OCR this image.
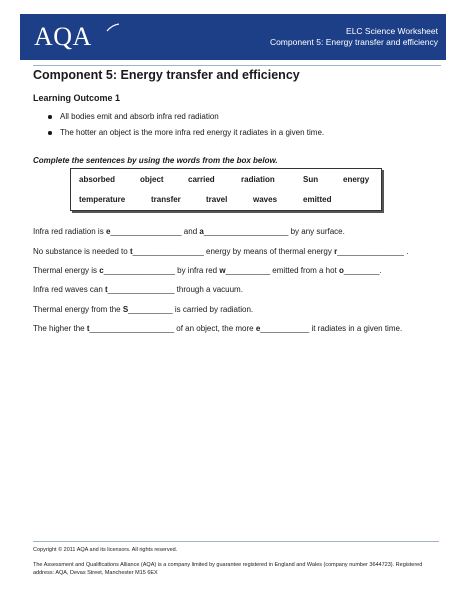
AQA	ELC Science Worksheet
Component 5: Energy transfer and efficiency
Component 5: Energy transfer and efficiency
Learning Outcome 1
All bodies emit and absorb infra red radiation
The hotter an object is the more infra red energy it radiates in a given time.
Complete the sentences by using the words from the box below.
absorbed	object	carried	radiation	Sun	energy
temperature	transfer	travel	waves	emitted
Infra red radiation is e________________ and a___________________ by any surface.
No substance is needed to t________________ energy by means of thermal energy r_______________ .
Thermal energy is c________________ by infra red w__________ emitted from a hot o________.
Infra red waves can t_______________ through a vacuum.
Thermal energy from the S__________ is carried by radiation.
The higher the t___________________ of an object, the more e___________ it radiates in a given time.
Copyright © 2011 AQA and its licensors. All rights reserved.
The Assessment and Qualifications Alliance (AQA) is a company limited by guarantee registered in England and Wales (company number 3644723). Registered address: AQA, Devas Street, Manchester M15 6EX
